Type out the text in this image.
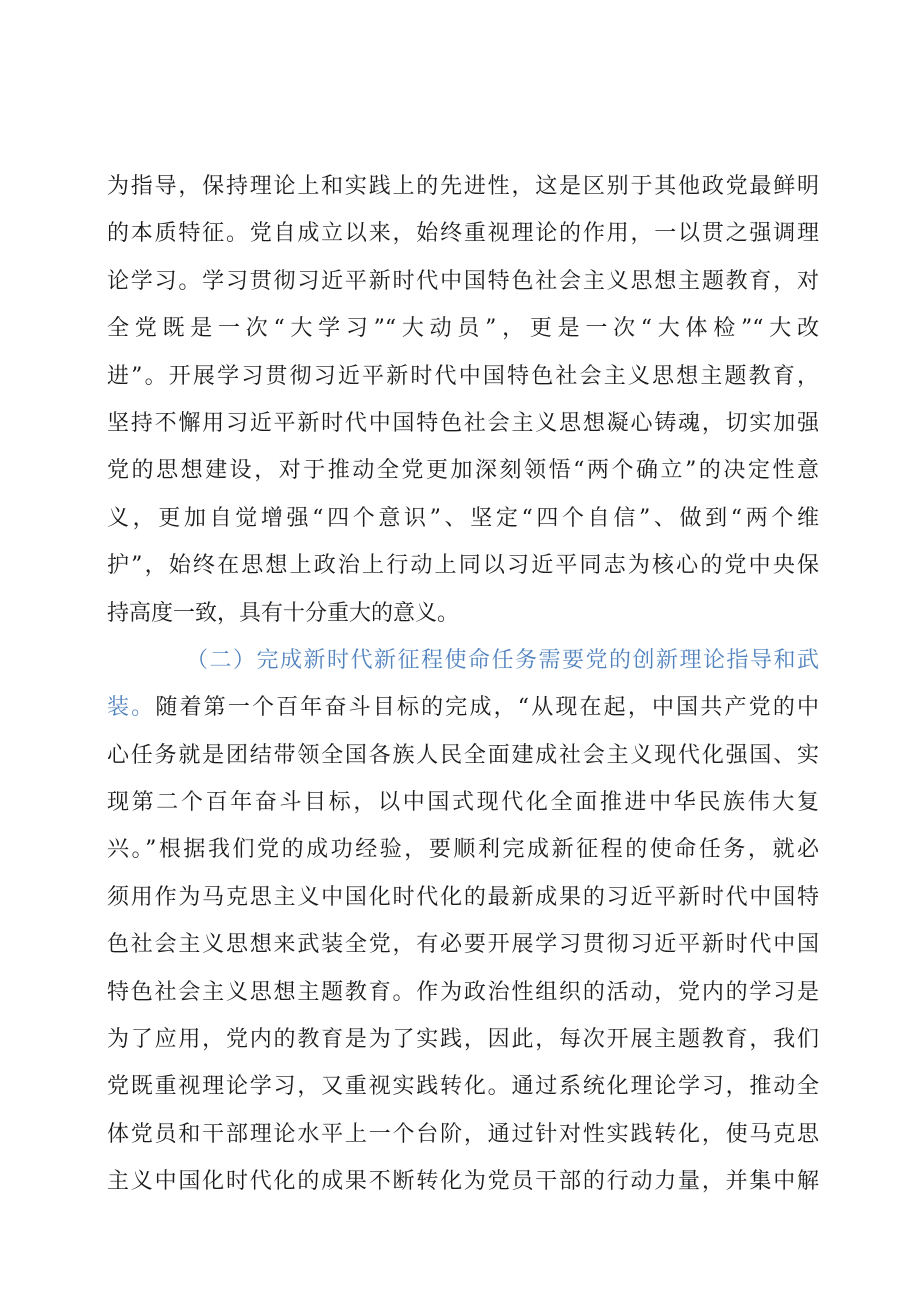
为指导，保持理论上和实践上的先进性，这是区别于其他政党最鲜明
的本质特征。党自成立以来，始终重视理论的作用，一以贯之强调理
论学习。学习贯彻习近平新时代中国特色社会主义思想主题教育，对
全党既是一次“大学习”“大动员”，更是一次“大体检”“大改
进”。开展学习贯彻习近平新时代中国特色社会主义思想主题教育，
坚持不懈用习近平新时代中国特色社会主义思想凝心铸魂，切实加强
党的思想建设，对于推动全党更加深刻领悟“两个确立”的决定性意
义，更加自觉增强“四个意识”、坚定“四个自信”、做到“两个维
护”，始终在思想上政治上行动上同以习近平同志为核心的党中央保
持高度一致，具有十分重大的意义。
（二）完成新时代新征程使命任务需要党的创新理论指导和武
装。随着第一个百年奋斗目标的完成，“从现在起，中国共产党的中
心任务就是团结带领全国各族人民全面建成社会主义现代化强国、实
现第二个百年奋斗目标，以中国式现代化全面推进中华民族伟大复
兴。”根据我们党的成功经验，要顺利完成新征程的使命任务，就必
须用作为马克思主义中国化时代化的最新成果的习近平新时代中国特
色社会主义思想来武装全党，有必要开展学习贯彻习近平新时代中国
特色社会主义思想主题教育。作为政治性组织的活动，党内的学习是
为了应用，党内的教育是为了实践，因此，每次开展主题教育，我们
党既重视理论学习，又重视实践转化。通过系统化理论学习，推动全
体党员和干部理论水平上一个台阶，通过针对性实践转化，使马克思
主义中国化时代化的成果不断转化为党员干部的行动力量，并集中解
